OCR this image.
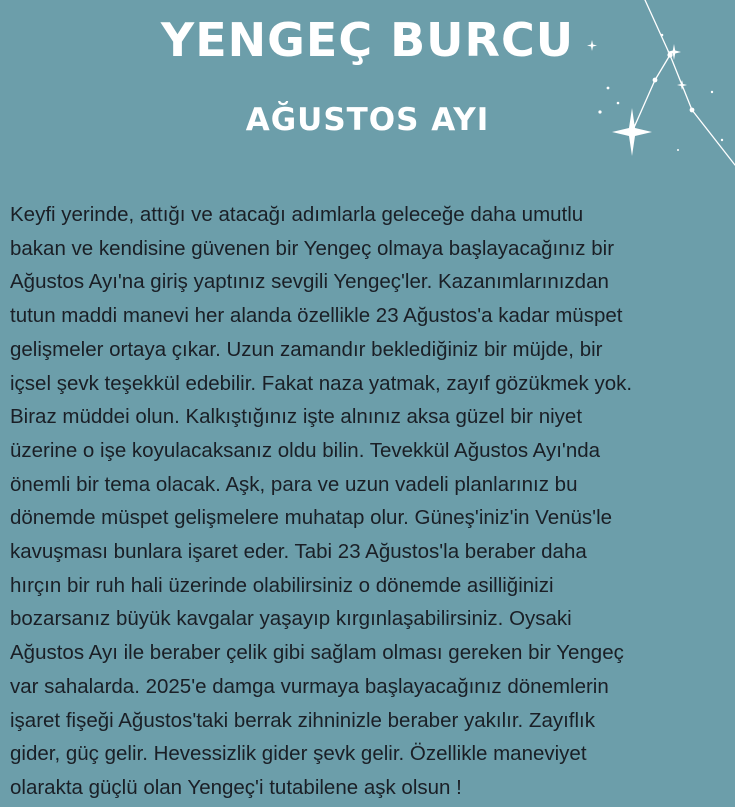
YENGEÇ BURCU
AĞUSTOS AYI
Keyfi yerinde, attığı ve atacağı adımlarla geleceğe daha umutlu
bakan ve kendisine güvenen bir Yengeç olmaya başlayacağınız bir
Ağustos Ayı'na giriş yaptınız sevgili Yengeç'ler. Kazanımlarınızdan
tutun maddi manevi her alanda özellikle 23 Ağustos'a kadar müspet
gelişmeler ortaya çıkar. Uzun zamandır beklediğiniz bir müjde, bir
içsel şevk teşekkül edebilir. Fakat naza yatmak, zayıf gözükmek yok.
Biraz müddei olun. Kalkıştığınız işte alnınız aksa güzel bir niyet
üzerine o işe koyulacaksanız oldu bilin. Tevekkül Ağustos Ayı'nda
önemli bir tema olacak. Aşk, para ve uzun vadeli planlarınız bu
dönemde müspet gelişmelere muhatap olur. Güneş'iniz'in Venüs'le
kavuşması bunlara işaret eder. Tabi 23 Ağustos'la beraber daha
hırçın bir ruh hali üzerinde olabilirsiniz o dönemde asilliğinizi
bozarsanız büyük kavgalar yaşayıp kırgınlaşabilirsiniz. Oysaki
Ağustos Ayı ile beraber çelik gibi sağlam olması gereken bir Yengeç
var sahalarda. 2025'e damga vurmaya başlayacağınız dönemlerin
işaret fişeği Ağustos'taki berrak zihninizle beraber yakılır. Zayıflık
gider, güç gelir. Hevessizlik gider şevk gelir. Özellikle maneviyet
olarakta güçlü olan Yengeç'i tutabilene aşk olsun !
